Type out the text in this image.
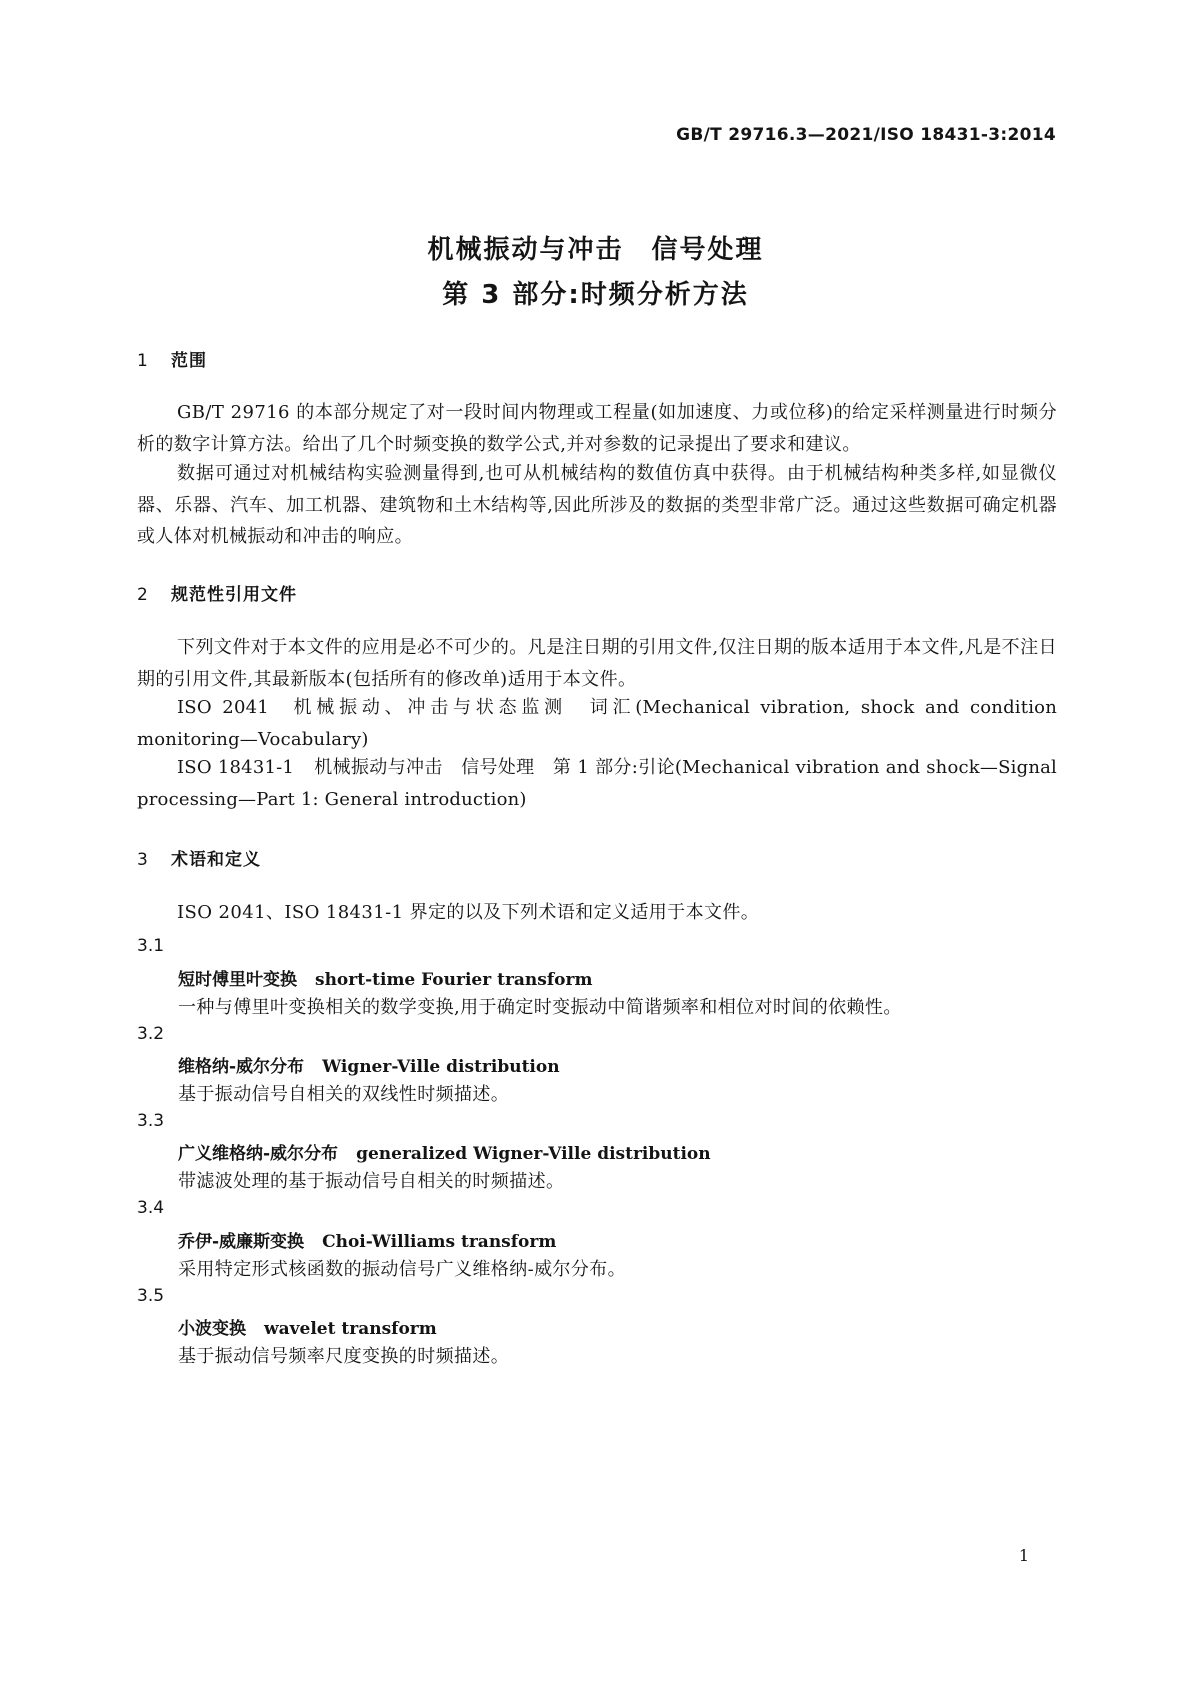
GB/T 29716.3—2021/ISO 18431-3:2014
机械振动与冲击　信号处理
第 3 部分:时频分析方法
1 范围
GB/T 29716 的本部分规定了对一段时间内物理或工程量(如加速度、力或位移)的给定采样测量进行时频分析的数字计算方法。给出了几个时频变换的数学公式,并对参数的记录提出了要求和建议。
数据可通过对机械结构实验测量得到,也可从机械结构的数值仿真中获得。由于机械结构种类多样,如显微仪器、乐器、汽车、加工机器、建筑物和土木结构等,因此所涉及的数据的类型非常广泛。通过这些数据可确定机器或人体对机械振动和冲击的响应。
2 规范性引用文件
下列文件对于本文件的应用是必不可少的。凡是注日期的引用文件,仅注日期的版本适用于本文件,凡是不注日期的引用文件,其最新版本(包括所有的修改单)适用于本文件。
ISO 2041 机械振动、冲击与状态监测　词汇(Mechanical vibration, shock and condition monitoring—Vocabulary)
ISO 18431-1 机械振动与冲击　信号处理　第 1 部分:引论(Mechanical vibration and shock—Signal processing—Part 1: General introduction)
3 术语和定义
ISO 2041、ISO 18431-1 界定的以及下列术语和定义适用于本文件。
3.1
短时傅里叶变换 short-time Fourier transform
一种与傅里叶变换相关的数学变换,用于确定时变振动中简谐频率和相位对时间的依赖性。
3.2
维格纳-威尔分布 Wigner-Ville distribution
基于振动信号自相关的双线性时频描述。
3.3
广义维格纳-威尔分布 generalized Wigner-Ville distribution
带滤波处理的基于振动信号自相关的时频描述。
3.4
乔伊-威廉斯变换 Choi-Williams transform
采用特定形式核函数的振动信号广义维格纳-威尔分布。
3.5
小波变换 wavelet transform
基于振动信号频率尺度变换的时频描述。
1
